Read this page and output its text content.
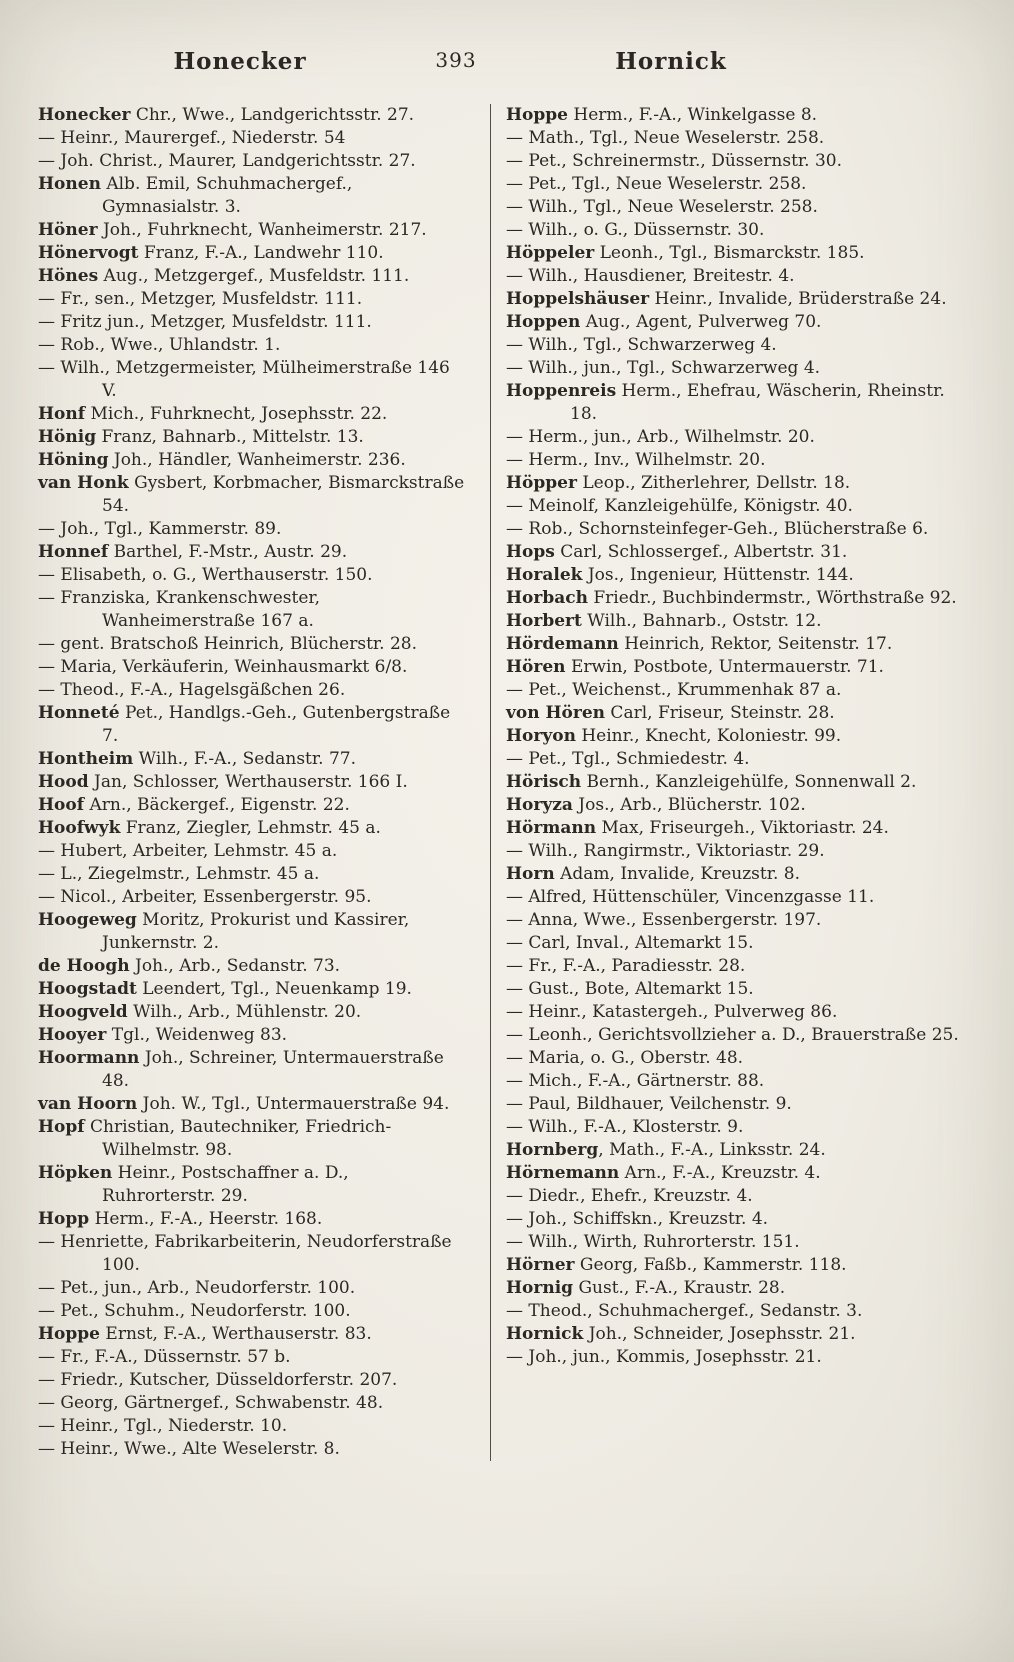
Honecker	393	Hornick
Honecker Chr., Wwe., Landgerichtsstr. 27.
— Heinr., Maurergef., Niederstr. 54
— Joh. Christ., Maurer, Landgerichtsstr. 27.
Honen Alb. Emil, Schuhmachergef., Gymnasialstr. 3.
Höner Joh., Fuhrknecht, Wanheimerstr. 217.
Hönervogt Franz, F.-A., Landwehr 110.
Hönes Aug., Metzgergef., Musfeldstr. 111.
— Fr., sen., Metzger, Musfeldstr. 111.
— Fritz jun., Metzger, Musfeldstr. 111.
— Rob., Wwe., Uhlandstr. 1.
— Wilh., Metzgermeister, Mülheimerstraße 146 V.
Honf Mich., Fuhrknecht, Josephsstr. 22.
Hönig Franz, Bahnarb., Mittelstr. 13.
Höning Joh., Händler, Wanheimerstr. 236.
van Honk Gysbert, Korbmacher, Bismarckstraße 54.
— Joh., Tgl., Kammerstr. 89.
Honnef Barthel, F.-Mstr., Austr. 29.
— Elisabeth, o. G., Werthauserstr. 150.
— Franziska, Krankenschwester, Wanheimerstraße 167 a.
— gent. Bratschoß Heinrich, Blücherstr. 28.
— Maria, Verkäuferin, Weinhausmarkt 6/8.
— Theod., F.-A., Hagelsgäßchen 26.
Honneté Pet., Handlgs.-Geh., Gutenbergstraße 7.
Hontheim Wilh., F.-A., Sedanstr. 77.
Hood Jan, Schlosser, Werthauserstr. 166 I.
Hoof Arn., Bäckergef., Eigenstr. 22.
Hoofwyk Franz, Ziegler, Lehmstr. 45 a.
— Hubert, Arbeiter, Lehmstr. 45 a.
— L., Ziegelmstr., Lehmstr. 45 a.
— Nicol., Arbeiter, Essenbergerstr. 95.
Hoogeweg Moritz, Prokurist und Kassirer, Junkernstr. 2.
de Hoogh Joh., Arb., Sedanstr. 73.
Hoogstadt Leendert, Tgl., Neuenkamp 19.
Hoogveld Wilh., Arb., Mühlenstr. 20.
Hooyer Tgl., Weidenweg 83.
Hoormann Joh., Schreiner, Untermauerstraße 48.
van Hoorn Joh. W., Tgl., Untermauerstraße 94.
Hopf Christian, Bautechniker, Friedrich-Wilhelmstr. 98.
Höpken Heinr., Postschaffner a. D., Ruhrorterstr. 29.
Hopp Herm., F.-A., Heerstr. 168.
— Henriette, Fabrikarbeiterin, Neudorferstraße 100.
— Pet., jun., Arb., Neudorferstr. 100.
— Pet., Schuhm., Neudorferstr. 100.
Hoppe Ernst, F.-A., Werthauserstr. 83.
— Fr., F.-A., Düssernstr. 57 b.
— Friedr., Kutscher, Düsseldorferstr. 207.
— Georg, Gärtnergef., Schwabenstr. 48.
— Heinr., Tgl., Niederstr. 10.
— Heinr., Wwe., Alte Weselerstr. 8.
Hoppe Herm., F.-A., Winkelgasse 8.
— Math., Tgl., Neue Weselerstr. 258.
— Pet., Schreinermstr., Düssernstr. 30.
— Pet., Tgl., Neue Weselerstr. 258.
— Wilh., Tgl., Neue Weselerstr. 258.
— Wilh., o. G., Düssernstr. 30.
Höppeler Leonh., Tgl., Bismarckstr. 185.
— Wilh., Hausdiener, Breitestr. 4.
Hoppelshäuser Heinr., Invalide, Brüderstraße 24.
Hoppen Aug., Agent, Pulverweg 70.
— Wilh., Tgl., Schwarzerweg 4.
— Wilh., jun., Tgl., Schwarzerweg 4.
Hoppenreis Herm., Ehefrau, Wäscherin, Rheinstr. 18.
— Herm., jun., Arb., Wilhelmstr. 20.
— Herm., Inv., Wilhelmstr. 20.
Höpper Leop., Zitherlehrer, Dellstr. 18.
— Meinolf, Kanzleigehülfe, Königstr. 40.
— Rob., Schornsteinfeger-Geh., Blücherstraße 6.
Hops Carl, Schlossergef., Albertstr. 31.
Horalek Jos., Ingenieur, Hüttenstr. 144.
Horbach Friedr., Buchbindermstr., Wörthstraße 92.
Horbert Wilh., Bahnarb., Oststr. 12.
Hördemann Heinrich, Rektor, Seitenstr. 17.
Hören Erwin, Postbote, Untermauerstr. 71.
— Pet., Weichenst., Krummenhak 87 a.
von Hören Carl, Friseur, Steinstr. 28.
Horyon Heinr., Knecht, Koloniestr. 99.
— Pet., Tgl., Schmiedestr. 4.
Hörisch Bernh., Kanzleigehülfe, Sonnenwall 2.
Horyza Jos., Arb., Blücherstr. 102.
Hörmann Max, Friseurgeh., Viktoriastr. 24.
— Wilh., Rangirmstr., Viktoriastr. 29.
Horn Adam, Invalide, Kreuzstr. 8.
— Alfred, Hüttenschüler, Vincenzgasse 11.
— Anna, Wwe., Essenbergerstr. 197.
— Carl, Inval., Altemarkt 15.
— Fr., F.-A., Paradiesstr. 28.
— Gust., Bote, Altemarkt 15.
— Heinr., Katastergeh., Pulverweg 86.
— Leonh., Gerichtsvollzieher a. D., Brauerstraße 25.
— Maria, o. G., Oberstr. 48.
— Mich., F.-A., Gärtnerstr. 88.
— Paul, Bildhauer, Veilchenstr. 9.
— Wilh., F.-A., Klosterstr. 9.
Hornberg, Math., F.-A., Linksstr. 24.
Hörnemann Arn., F.-A., Kreuzstr. 4.
— Diedr., Ehefr., Kreuzstr. 4.
— Joh., Schiffskn., Kreuzstr. 4.
— Wilh., Wirth, Ruhrorterstr. 151.
Hörner Georg, Faßb., Kammerstr. 118.
Hornig Gust., F.-A., Kraustr. 28.
— Theod., Schuhmachergef., Sedanstr. 3.
Hornick Joh., Schneider, Josephsstr. 21.
— Joh., jun., Kommis, Josephsstr. 21.
